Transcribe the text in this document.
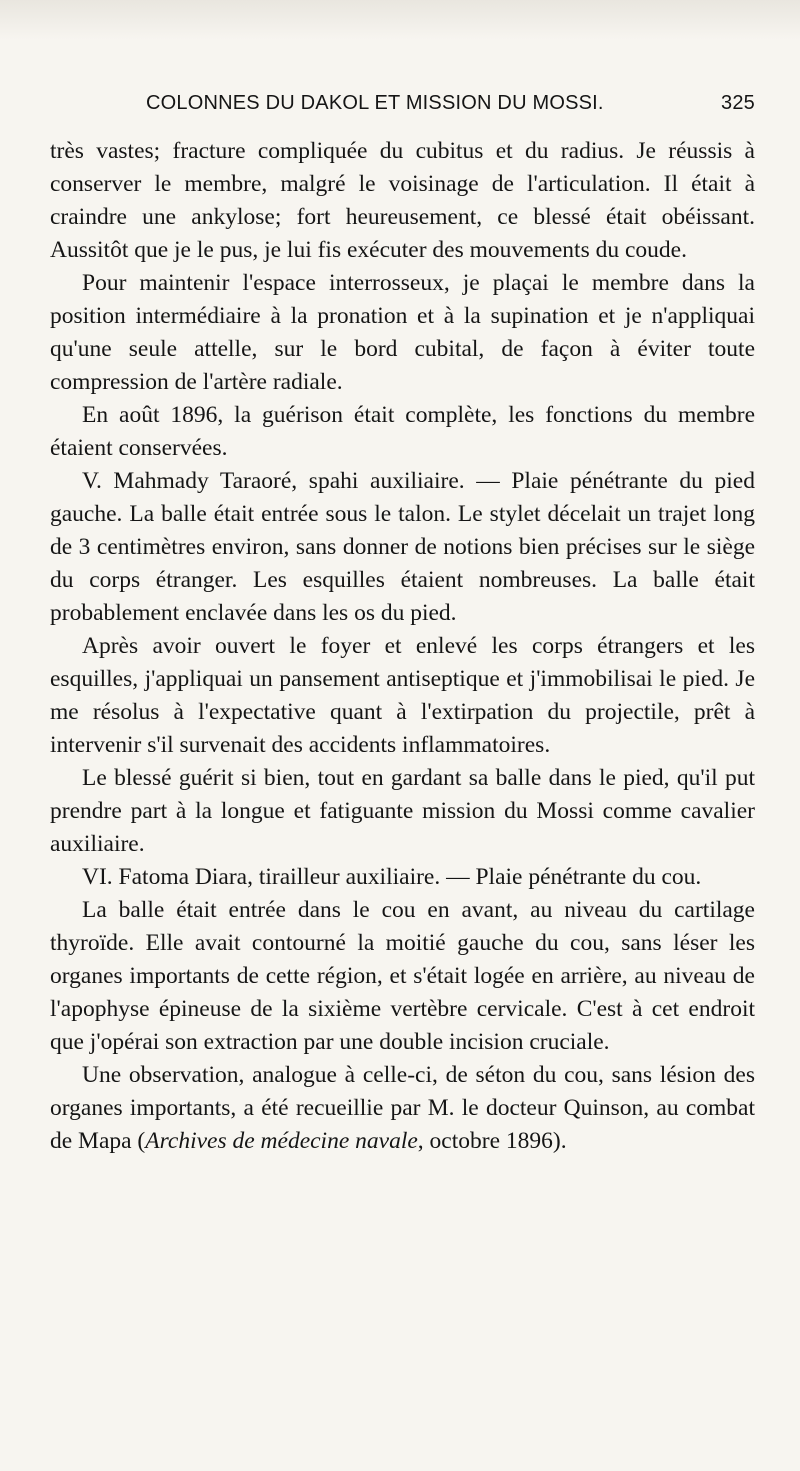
COLONNES DU DAKOL ET MISSION DU MOSSI.	325

très vastes; fracture compliquée du cubitus et du radius. Je réussis à conserver le membre, malgré le voisinage de l'articulation. Il était à craindre une ankylose; fort heureusement, ce blessé était obéissant. Aussitôt que je le pus, je lui fis exécuter des mouvements du coude.

Pour maintenir l'espace interrosseux, je plaçai le membre dans la position intermédiaire à la pronation et à la supination et je n'appliquai qu'une seule attelle, sur le bord cubital, de façon à éviter toute compression de l'artère radiale.

En août 1896, la guérison était complète, les fonctions du membre étaient conservées.

V. Mahmady Taraoré, spahi auxiliaire. — Plaie pénétrante du pied gauche. La balle était entrée sous le talon. Le stylet décelait un trajet long de 3 centimètres environ, sans donner de notions bien précises sur le siège du corps étranger. Les esquilles étaient nombreuses. La balle était probablement enclavée dans les os du pied.

Après avoir ouvert le foyer et enlevé les corps étrangers et les esquilles, j'appliquai un pansement antiseptique et j'immobilisai le pied. Je me résolus à l'expectative quant à l'extirpation du projectile, prêt à intervenir s'il survenait des accidents inflammatoires.

Le blessé guérit si bien, tout en gardant sa balle dans le pied, qu'il put prendre part à la longue et fatiguante mission du Mossi comme cavalier auxiliaire.

VI. Fatoma Diara, tirailleur auxiliaire. — Plaie pénétrante du cou.

La balle était entrée dans le cou en avant, au niveau du cartilage thyroïde. Elle avait contourné la moitié gauche du cou, sans léser les organes importants de cette région, et s'était logée en arrière, au niveau de l'apophyse épineuse de la sixième vertèbre cervicale. C'est à cet endroit que j'opérai son extraction par une double incision cruciale.

Une observation, analogue à celle-ci, de séton du cou, sans lésion des organes importants, a été recueillie par M. le docteur Quinson, au combat de Mapa (Archives de médecine navale, octobre 1896).
